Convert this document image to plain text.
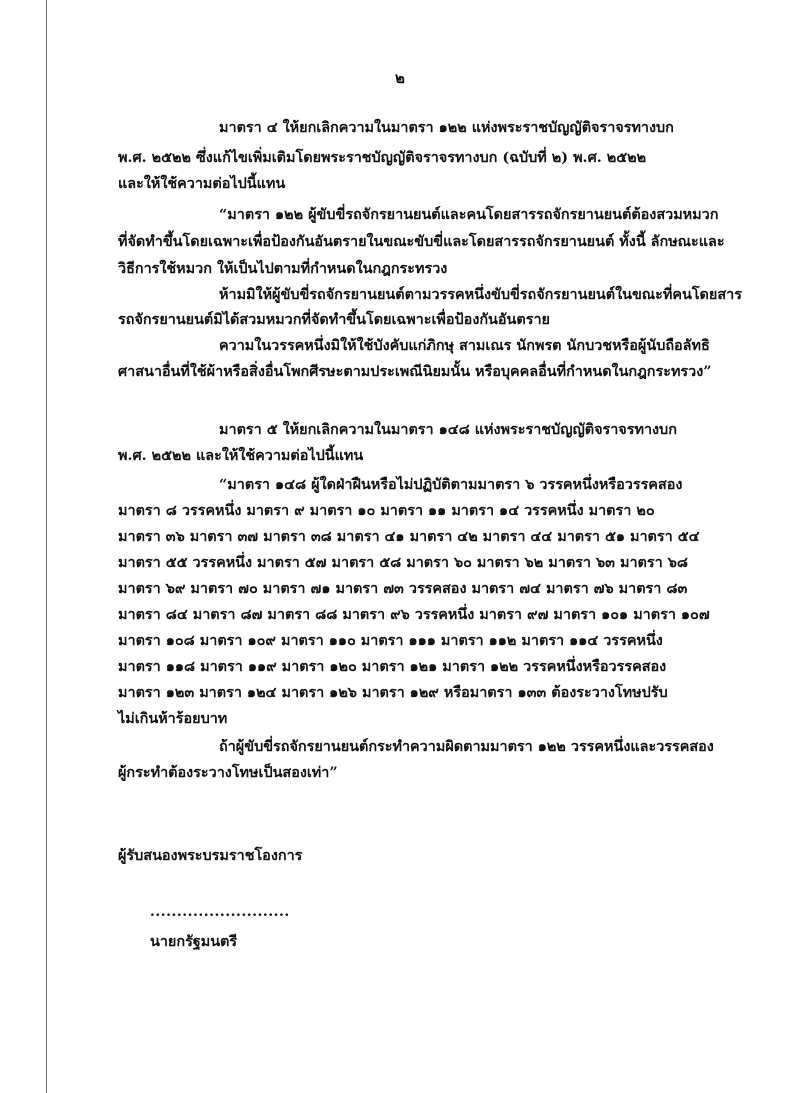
๒
มาตรา ๔ ให้ยกเลิกความในมาตรา ๑๒๒ แห่งพระราชบัญญัติจราจรทางบก
พ.ศ. ๒๕๒๒ ซึ่งแก้ไขเพิ่มเติมโดยพระราชบัญญัติจราจรทางบก (ฉบับที่ ๒) พ.ศ. ๒๕๒๒
และให้ใช้ความต่อไปนี้แทน
“มาตรา ๑๒๒ ผู้ขับขี่รถจักรยานยนต์และคนโดยสารรถจักรยานยนต์ต้องสวมหมวก
ที่จัดทำขึ้นโดยเฉพาะเพื่อป้องกันอันตรายในขณะขับขี่และโดยสารรถจักรยานยนต์ ทั้งนี้ ลักษณะและ
วิธีการใช้หมวก ให้เป็นไปตามที่กำหนดในกฎกระทรวง
ห้ามมิให้ผู้ขับขี่รถจักรยานยนต์ตามวรรคหนึ่งขับขี่รถจักรยานยนต์ในขณะที่คนโดยสาร
รถจักรยานยนต์มิได้สวมหมวกที่จัดทำขึ้นโดยเฉพาะเพื่อป้องกันอันตราย
ความในวรรคหนึ่งมิให้ใช้บังคับแก่ภิกษุ สามเณร นักพรต นักบวชหรือผู้นับถือลัทธิ
ศาสนาอื่นที่ใช้ผ้าหรือสิ่งอื่นโพกศีรษะตามประเพณีนิยมนั้น หรือบุคคลอื่นที่กำหนดในกฎกระทรวง”
มาตรา ๕ ให้ยกเลิกความในมาตรา ๑๔๘ แห่งพระราชบัญญัติจราจรทางบก
พ.ศ. ๒๕๒๒ และให้ใช้ความต่อไปนี้แทน
“มาตรา ๑๔๘ ผู้ใดฝ่าฝืนหรือไม่ปฏิบัติตามมาตรา ๖ วรรคหนึ่งหรือวรรคสอง
มาตรา ๘ วรรคหนึ่ง มาตรา ๙ มาตรา ๑๐ มาตรา ๑๑ มาตรา ๑๔ วรรคหนึ่ง มาตรา ๒๐
มาตรา ๓๖ มาตรา ๓๗ มาตรา ๓๘ มาตรา ๔๑ มาตรา ๔๒ มาตรา ๔๔ มาตรา ๕๑ มาตรา ๕๔
มาตรา ๕๕ วรรคหนึ่ง มาตรา ๕๗ มาตรา ๕๘ มาตรา ๖๐ มาตรา ๖๒ มาตรา ๖๓ มาตรา ๖๘
มาตรา ๖๙ มาตรา ๗๐ มาตรา ๗๑ มาตรา ๗๓ วรรคสอง มาตรา ๗๔ มาตรา ๗๖ มาตรา ๘๓
มาตรา ๘๔ มาตรา ๘๗ มาตรา ๘๘ มาตรา ๙๖ วรรคหนึ่ง มาตรา ๙๗ มาตรา ๑๐๑ มาตรา ๑๐๗
มาตรา ๑๐๘ มาตรา ๑๐๙ มาตรา ๑๑๐ มาตรา ๑๑๑ มาตรา ๑๑๒ มาตรา ๑๑๔ วรรคหนึ่ง
มาตรา ๑๑๘ มาตรา ๑๑๙ มาตรา ๑๒๐ มาตรา ๑๒๑ มาตรา ๑๒๒ วรรคหนึ่งหรือวรรคสอง
มาตรา ๑๒๓ มาตรา ๑๒๔ มาตรา ๑๒๖ มาตรา ๑๒๙ หรือมาตรา ๑๓๓ ต้องระวางโทษปรับ
ไม่เกินห้าร้อยบาท
ถ้าผู้ขับขี่รถจักรยานยนต์กระทำความผิดตามมาตรา ๑๒๒ วรรคหนึ่งและวรรคสอง
ผู้กระทำต้องระวางโทษเป็นสองเท่า”
ผู้รับสนองพระบรมราชโองการ
..........................
นายกรัฐมนตรี
